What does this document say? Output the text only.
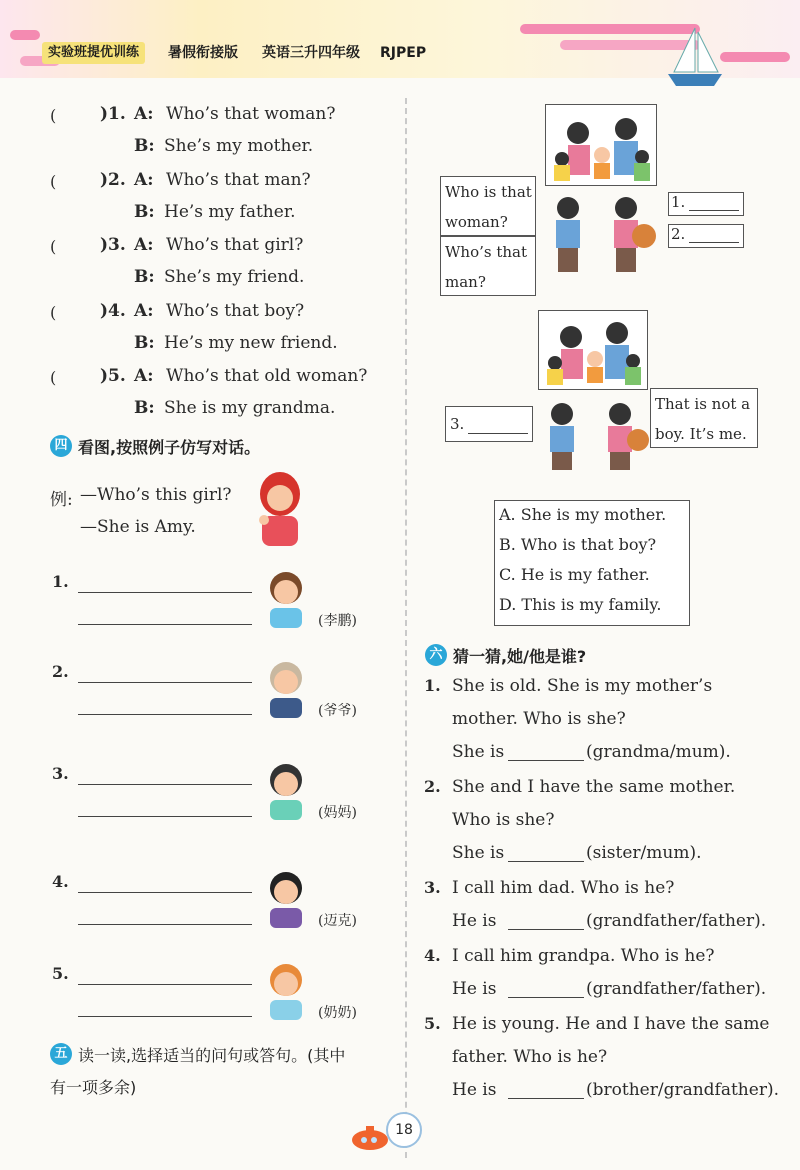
实验班提优训练	暑假衔接版 英语三升四年级 RJPEP
(	)1. A: Who’s that woman?
B: She’s my mother.
(	)2. A: Who’s that man?
B: He’s my father.
(	)3. A: Who’s that girl?
B: She’s my friend.
(	)4. A: Who’s that boy?
B: He’s my new friend.
(	)5. A: Who’s that old woman?
B: She is my grandma.
四 看图,按照例子仿写对话。
例: —Who’s this girl?
—She is Amy.
1.
(李鹏)
2.
(爷爷)
3.
(妈妈)
4.
(迈克)
5.
(奶奶)
五 读一读,选择适当的问句或答句。(其中
有一项多余)
Who is that
woman?
Who’s that
man?
1.
2.
3.
That is not a
boy. It’s me.
A. She is my mother.
B. Who is that boy?
C. He is my father.
D. This is my family.
六 猜一猜,她/他是谁?
1. She is old. She is my mother’s
mother. Who is she?
She is	(grandma/mum).
2. She and I have the same mother.
Who is she?
She is	(sister/mum).
3. I call him dad. Who is he?
He is	(grandfather/father).
4. I call him grandpa. Who is he?
He is	(grandfather/father).
5. He is young. He and I have the same
father. Who is he?
He is	(brother/grandfather).
18
